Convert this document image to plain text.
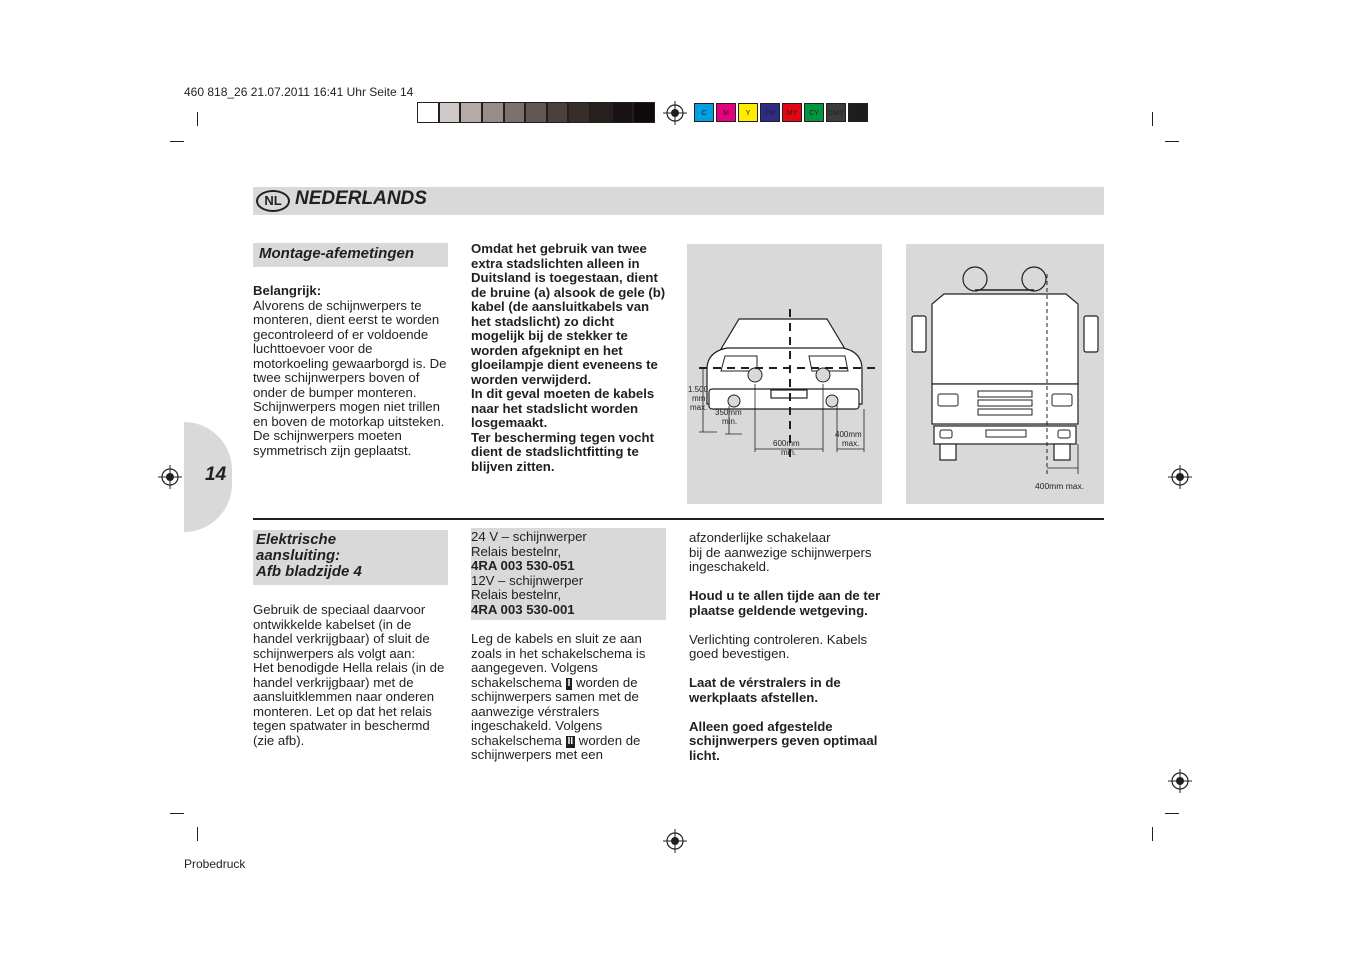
460 818_26 21.07.2011 16:41 Uhr Seite 14
C	M	Y	CM	MY	CY	CMY	K
NL NEDERLANDS
14
Montage-afemetingen
Belangrijk:
Alvorens de schijnwerpers te
monteren, dient eerst te worden
gecontroleerd of er voldoende
luchttoevoer voor de
motorkoeling gewaarborgd is. De
twee schijnwerpers boven of
onder de bumper monteren.
Schijnwerpers mogen niet trillen
en boven de motorkap uitsteken.
De schijnwerpers moeten
symmetrisch zijn geplaatst.
Omdat het gebruik van twee
extra stadslichten alleen in
Duitsland is toegestaan, dient
de bruine (a) alsook de gele (b)
kabel (de aansluitkabels van
het stadslicht) zo dicht
mogelijk bij de stekker te
worden afgeknipt en het
gloeilampje dient eveneens te
worden verwijderd.
In dit geval moeten de kabels
naar het stadslicht worden
losgemaakt.
Ter bescherming tegen vocht
dient de stadslichtfitting te
blijven zitten.
1.500
mm
max.
350mm
min.
600mm
min.
400mm
max.
400mm max.
Elektrische
aansluiting:
Afb bladzijde 4
Gebruik de speciaal daarvoor
ontwikkelde kabelset (in de
handel verkrijgbaar) of sluit de
schijnwerpers als volgt aan:
Het benodigde Hella relais (in de
handel verkrijgbaar) met de
aansluitklemmen naar onderen
monteren. Let op dat het relais
tegen spatwater in beschermd
(zie afb).
24 V – schijnwerper
Relais bestelnr,
4RA 003 530-051
12V – schijnwerper
Relais bestelnr,
4RA 003 530-001
Leg de kabels en sluit ze aan
zoals in het schakelschema is
aangegeven. Volgens
schakelschema I worden de
schijnwerpers samen met de
aanwezige vérstralers
ingeschakeld. Volgens
schakelschema II worden de
schijnwerpers met een
afzonderlijke schakelaar
bij de aanwezige schijnwerpers
ingeschakeld.
Houd u te allen tijde aan de ter
plaatse geldende wetgeving.
Verlichting controleren. Kabels
goed bevestigen.
Laat de vérstralers in de
werkplaats afstellen.
Alleen goed afgestelde
schijnwerpers geven optimaal
licht.
Probedruck
